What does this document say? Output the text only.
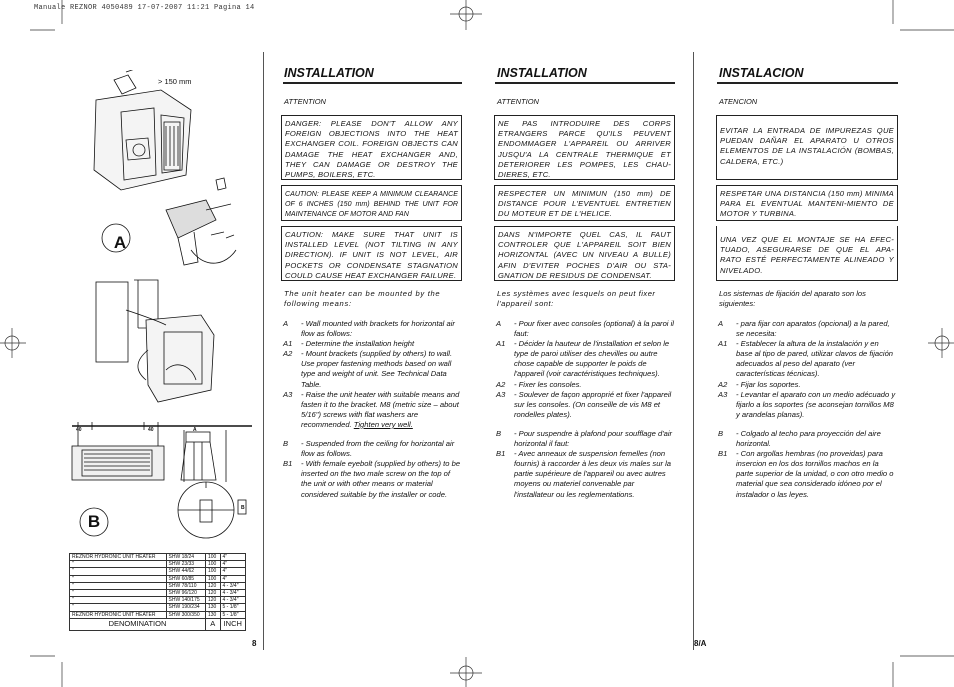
Manuale REZNOR 4050489 17-07-2007 11:21 Pagina 14
> 150 mm
A
B
40	40	A
B
REZNOR HYDRONIC UNIT HEATER	SHW 18/24	100	4"
"	SHW 23/33	100	4"
"	SHW 44/62	100	4"
"	SHW 60/85	100	4"
"	SHW 78/110	120	4 - 3/4"
"	SHW 96/120	120	4 - 3/4"
"	SHW 140/175	120	4 - 3/4"
"	SHW 190/234	130	5 - 1/8"
REZNOR HYDRONIC UNIT HEATER	SHW 300/350	130	5 - 1/8"
DENOMINATION		A	INCH
8
INSTALLATION
ATTENTION
DANGER: PLEASE DON'T ALLOW ANY FOREIGN OBJECTIONS INTO THE HEAT EXCHANGER COIL. FOREIGN OBJECTS CAN DAMAGE THE HEAT EXCHANGER AND, THEY CAN DAMAGE OR DESTROY THE PUMPS, BOILERS, ETC.
CAUTION: PLEASE KEEP A MINIMUM CLEARANCE OF 6 INCHES (150 mm) BEHIND THE UNIT FOR MAINTENANCE OF MOTOR AND FAN
CAUTION: MAKE SURE THAT UNIT IS INSTALLED LEVEL (NOT TILTING IN ANY DIRECTION). IF UNIT IS NOT LEVEL, AIR POCKETS OR CONDENSATE STAGNATION COULD CAUSE HEAT EXCHANGER FAILURE.
The unit heater can be mounted by the following means:
A	- Wall mounted with brackets for horizontal air flow as follows:
A1	- Determine the installation height
A2	- Mount brackets (supplied by others) to wall. Use proper fastening methods based on wall type and weight of unit. See Technical Data Table.
A3	- Raise the unit heater with suitable means and fasten it to the bracket. M8 (metric size – about 5/16") screws with flat washers are recommended. Tighten very well.
B	- Suspended from the ceiling for horizontal air flow as follows.
B1	- With female eyebolt (supplied by others) to be inserted on the two male screw on the top of the unit or with other means or material considered suitable by the installer or code.
INSTALLATION
ATTENTION
NE PAS INTRODUIRE DES CORPS ETRANGERS PARCE QU'ILS PEUVENT ENDOMMAGER L'APPAREIL OU ARRIVER JUSQU'A LA CENTRALE THERMIQUE ET DETERIORER LES POMPES, LES CHAU-DIERES, ETC.
RESPECTER UN MINIMUN (150 mm) DE DISTANCE POUR L'EVENTUEL ENTRETIEN DU MOTEUR ET DE L'HELICE.
DANS N'IMPORTE QUEL CAS, IL FAUT CONTROLER QUE L'APPAREIL SOIT BIEN HORIZONTAL (AVEC UN NIVEAU A BULLE) AFIN D'EVITER POCHES D'AIR OU STA-GNATION DE RESIDUS DE CONDENSAT.
Les systèmes avec lesquels on peut fixer l'appareil sont:
A	- Pour fixer avec consoles (optional) à la paroi il faut:
A1	- Décider la hauteur de l'installation et selon le type de paroi utiliser des chevilles ou autre chose capable de supporter le poids de l'appareil (voir caractéristiques techniques).
A2	- Fixer les consoles.
A3	- Soulever de façon approprié et fixer l'appareil sur les consoles. (On conseille de vis M8 et rondelles plates).
B	- Pour suspendre à plafond pour soufflage d'air horizontal il faut:
B1	- Avec anneaux de suspension femelles (non fournis) à raccorder à les deux vis males sur la partie supérieure de l'appareil ou avec autres moyens ou materiel convenable par l'installateur ou les reglementations.
INSTALACION
ATENCION
EVITAR LA ENTRADA DE IMPUREZAS QUE PUEDAN DAÑAR EL APARATO U OTROS ELEMENTOS DE LA INSTALACIÓN (BOMBAS, CALDERA, ETC.)
RESPETAR UNA DISTANCIA (150 mm) MINIMA PARA EL EVENTUAL MANTENI-MIENTO DE MOTOR Y TURBINA.
UNA VEZ QUE EL MONTAJE SE HA EFEC-TUADO, ASEGURARSE DE QUE EL APA-RATO ESTÉ PERFECTAMENTE ALINEADO Y NIVELADO.
Los sistemas de fijación del aparato son los siguientes:
A	- para fijar con aparatos (opcional) a la pared, se necesita:
A1	- Establecer la altura de la instalación y en base al tipo de pared, utilizar clavos de fijación adecuados al peso del aparato (ver características técnicas).
A2	- Fijar los soportes.
A3	- Levantar el aparato con un medio adécuado y fijarlo a los soportes (se aconsejan tornillos M8 y arandelas planas).
B	- Colgado al techo para proyección del aire horizontal.
B1	- Con argollas hembras (no proveidas) para insercion en los dos tornillos machos en la parte superior de la unidad, o con otro medio o material que sea considerado idóneo por el instalador o las leyes.
8/A
